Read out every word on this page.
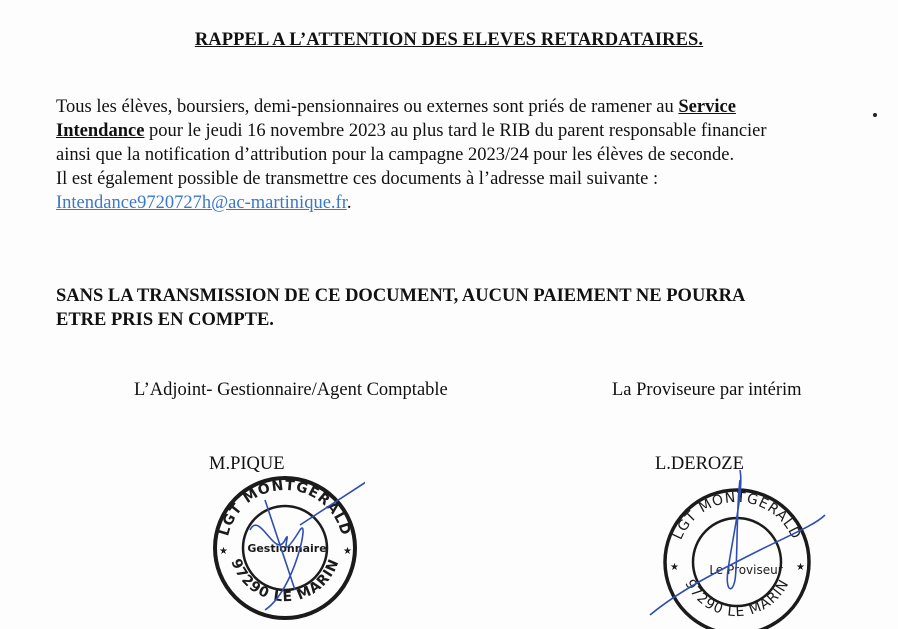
RAPPEL A L’ATTENTION DES ELEVES RETARDATAIRES.
Tous les élèves, boursiers, demi-pensionnaires ou externes sont priés de ramener au Service
Intendance pour le jeudi 16 novembre 2023 au plus tard le RIB du parent responsable financier
ainsi que la notification d’attribution pour la campagne 2023/24 pour les élèves de seconde.
Il est également possible de transmettre ces documents à l’adresse mail suivante :
Intendance9720727h@ac-martinique.fr.
SANS LA TRANSMISSION DE CE DOCUMENT, AUCUN PAIEMENT NE POURRA
ETRE PRIS EN COMPTE.
L’Adjoint- Gestionnaire/Agent Comptable	La Proviseure par intérim
M.PIQUE	L.DEROZE
LGT MONTGERALD
97290 LE MARIN
Gestionnaire
★	★
LGT MONTGERALD
97290 LE MARIN
Le Proviseur
★	★
